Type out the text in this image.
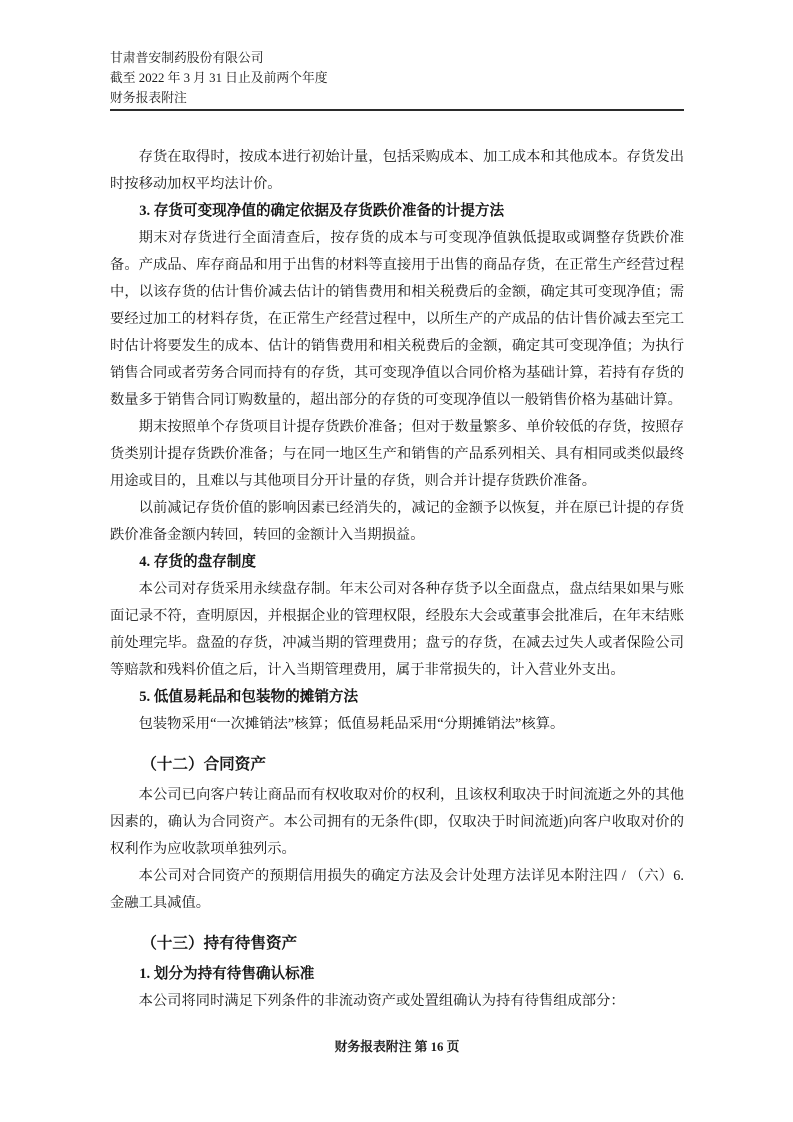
甘肃普安制药股份有限公司
截至 2022 年 3 月 31 日止及前两个年度
财务报表附注

存货在取得时，按成本进行初始计量，包括采购成本、加工成本和其他成本。存货发出时按移动加权平均法计价。

3. 存货可变现净值的确定依据及存货跌价准备的计提方法

期末对存货进行全面清查后，按存货的成本与可变现净值孰低提取或调整存货跌价准备。产成品、库存商品和用于出售的材料等直接用于出售的商品存货，在正常生产经营过程中，以该存货的估计售价减去估计的销售费用和相关税费后的金额，确定其可变现净值；需要经过加工的材料存货，在正常生产经营过程中，以所生产的产成品的估计售价减去至完工时估计将要发生的成本、估计的销售费用和相关税费后的金额，确定其可变现净值；为执行销售合同或者劳务合同而持有的存货，其可变现净值以合同价格为基础计算，若持有存货的数量多于销售合同订购数量的，超出部分的存货的可变现净值以一般销售价格为基础计算。

期末按照单个存货项目计提存货跌价准备；但对于数量繁多、单价较低的存货，按照存货类别计提存货跌价准备；与在同一地区生产和销售的产品系列相关、具有相同或类似最终用途或目的，且难以与其他项目分开计量的存货，则合并计提存货跌价准备。

以前减记存货价值的影响因素已经消失的，减记的金额予以恢复，并在原已计提的存货跌价准备金额内转回，转回的金额计入当期损益。

4. 存货的盘存制度

本公司对存货采用永续盘存制。年末公司对各种存货予以全面盘点，盘点结果如果与账面记录不符，查明原因，并根据企业的管理权限，经股东大会或董事会批准后，在年末结账前处理完毕。盘盈的存货，冲减当期的管理费用；盘亏的存货，在减去过失人或者保险公司等赔款和残料价值之后，计入当期管理费用，属于非常损失的，计入营业外支出。

5. 低值易耗品和包装物的摊销方法

包装物采用“一次摊销法”核算；低值易耗品采用“分期摊销法”核算。

（十二）合同资产

本公司已向客户转让商品而有权收取对价的权利，且该权利取决于时间流逝之外的其他因素的，确认为合同资产。本公司拥有的无条件(即，仅取决于时间流逝)向客户收取对价的权利作为应收款项单独列示。

本公司对合同资产的预期信用损失的确定方法及会计处理方法详见本附注四 / （六）6. 金融工具减值。

（十三）持有待售资产
1. 划分为持有待售确认标准

本公司将同时满足下列条件的非流动资产或处置组确认为持有待售组成部分：

财务报表附注 第 16 页
